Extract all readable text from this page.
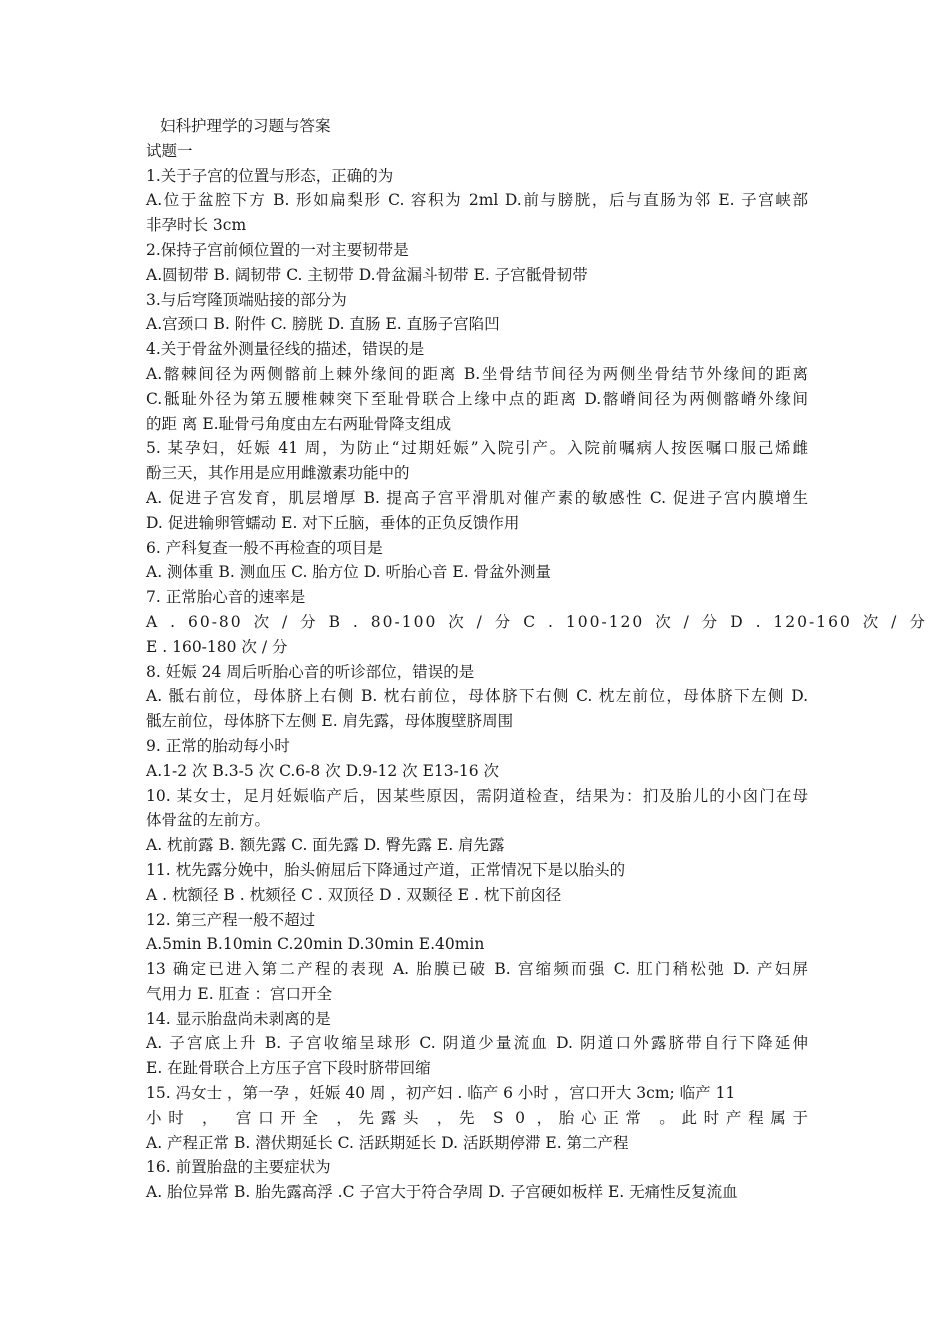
妇科护理学的习题与答案
试题一
1.关于子宫的位置与形态，正确的为
A.位于盆腔下方 B. 形如扁梨形 C. 容积为 2ml D.前与膀胱，后与直肠为邻 E. 子宫峡部
非孕时长 3cm
2.保持子宫前倾位置的一对主要韧带是
A.圆韧带 B. 阔韧带 C. 主韧带 D.骨盆漏斗韧带 E. 子宫骶骨韧带
3.与后穹隆顶端贴接的部分为
A.宫颈口 B. 附件 C. 膀胱 D. 直肠 E. 直肠子宫陷凹
4.关于骨盆外测量径线的描述，错误的是
A.髂棘间径为两侧髂前上棘外缘间的距离 B.坐骨结节间径为两侧坐骨结节外缘间的距离
C.骶耻外径为第五腰椎棘突下至耻骨联合上缘中点的距离 D.髂嵴间径为两侧髂嵴外缘间
的距 离 E.耻骨弓角度由左右两耻骨降支组成
5. 某孕妇，妊娠 41 周，为防止“过期妊娠”入院引产。入院前嘱病人按医嘱口服己烯雌
酚三天，其作用是应用雌激素功能中的
A. 促进子宫发育，肌层增厚 B. 提高子宫平滑肌对催产素的敏感性 C. 促进子宫内膜增生
D. 促进输卵管蠕动 E. 对下丘脑，垂体的正负反馈作用
6. 产科复查一般不再检查的项目是
A. 测体重 B. 测血压 C. 胎方位 D. 听胎心音 E. 骨盆外测量
7. 正常胎心音的速率是
A . 60-80 次 / 分 B . 80-100 次 / 分 C . 100-120 次 / 分 D . 120-160 次 / 分
E . 160-180 次 / 分
8. 妊娠 24 周后听胎心音的听诊部位，错误的是
A. 骶右前位，母体脐上右侧 B. 枕右前位，母体脐下右侧 C. 枕左前位，母体脐下左侧 D.
骶左前位，母体脐下左侧 E. 肩先露，母体腹壁脐周围
9. 正常的胎动每小时
A.1-2 次 B.3-5 次 C.6-8 次 D.9-12 次 E13-16 次
10. 某女士，足月妊娠临产后，因某些原因，需阴道检查，结果为：扪及胎儿的小囟门在母
体骨盆的左前方。
A. 枕前露 B. 额先露 C. 面先露 D. 臀先露 E. 肩先露
11. 枕先露分娩中，胎头俯屈后下降通过产道，正常情况下是以胎头的
A . 枕额径 B . 枕颏径 C . 双顶径 D . 双颞径 E . 枕下前囟径
12. 第三产程一般不超过
A.5min B.10min C.20min D.30min E.40min
13 确定已进入第二产程的表现 A. 胎膜已破 B. 宫缩频而强 C. 肛门稍松弛 D. 产妇屏
气用力 E. 肛查 ：宫口开全
14. 显示胎盘尚未剥离的是
A. 子宫底上升 B. 子宫收缩呈球形 C. 阴道少量流血 D. 阴道口外露脐带自行下降延伸
E. 在趾骨联合上方压子宫下段时脐带回缩
15. 冯女士 ，第一孕 ，妊娠 40 周 ，初产妇 . 临产 6 小时 ，宫口开大 3cm; 临产 11
小时 ， 宫口开全 ，先露头 ，先 S 0 ，胎心正常 。此时产程属于
A. 产程正常 B. 潜伏期延长 C. 活跃期延长 D. 活跃期停滞 E. 第二产程
16. 前置胎盘的主要症状为
A. 胎位异常 B. 胎先露高浮 .C 子宫大于符合孕周 D. 子宫硬如板样 E. 无痛性反复流血
